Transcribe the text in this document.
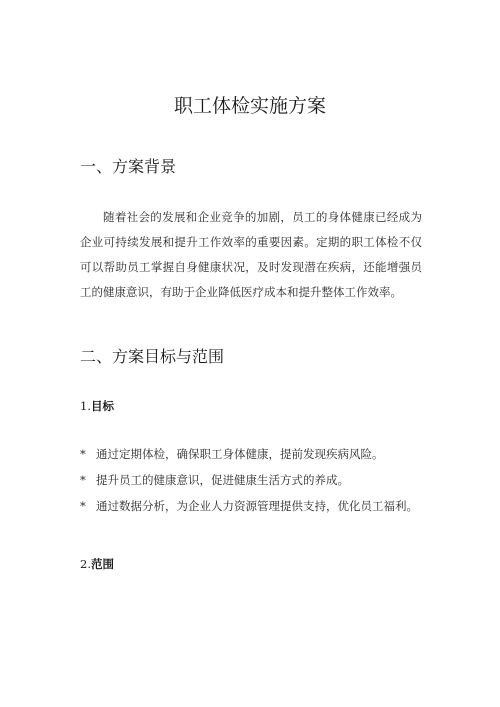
职工体检实施方案
一、方案背景

随着社会的发展和企业竞争的加剧，员工的身体健康已经成为企业可持续发展和提升工作效率的重要因素。定期的职工体检不仅可以帮助员工掌握自身健康状况，及时发现潜在疾病，还能增强员工的健康意识，有助于企业降低医疗成本和提升整体工作效率。

二、方案目标与范围
1.目标
* 通过定期体检，确保职工身体健康，提前发现疾病风险。
* 提升员工的健康意识，促进健康生活方式的养成。
* 通过数据分析，为企业人力资源管理提供支持，优化员工福利。
2.范围
